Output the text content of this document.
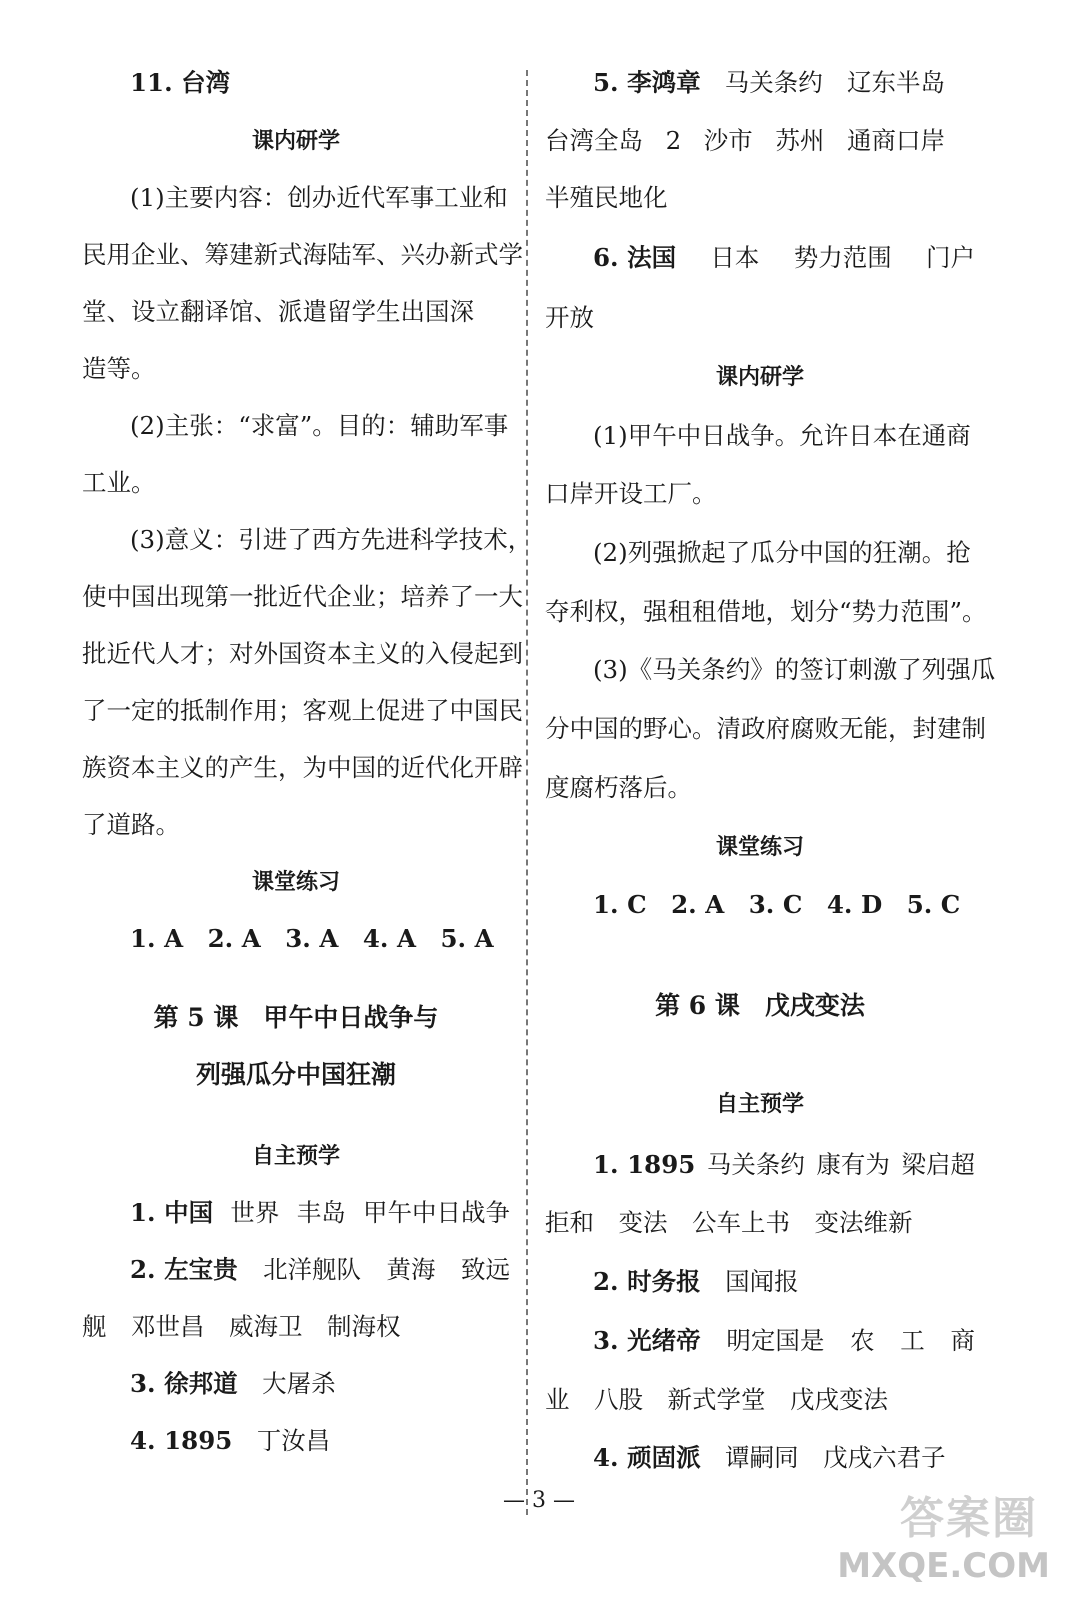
11. 台湾
课内研学
(1)主要内容：创办近代军事工业和
民用企业、筹建新式海陆军、兴办新式学
堂、设立翻译馆、派遣留学生出国深
造等。
(2)主张：“求富”。目的：辅助军事
工业。
(3)意义：引进了西方先进科学技术，
使中国出现第一批近代企业；培养了一大
批近代人才；对外国资本主义的入侵起到
了一定的抵制作用；客观上促进了中国民
族资本主义的产生，为中国的近代化开辟
了道路。
课堂练习
1. A　 2. A　 3. A　 4. A　 5. A
第 5 课　甲午中日战争与
列强瓜分中国狂潮
自主预学
1. 中国 世界 丰岛 甲午中日战争
2. 左宝贵 北洋舰队 黄海 致远
舰　 邓世昌　 威海卫　 制海权
3. 徐邦道　 大屠杀
4. 1895　 丁汝昌
5. 李鸿章 马关条约 辽东半岛
台湾全岛 2 沙市 苏州 通商口岸
半殖民地化
6. 法国 日本 势力范围 门户
开放
课内研学
(1)甲午中日战争。允许日本在通商
口岸开设工厂。
(2)列强掀起了瓜分中国的狂潮。抢
夺利权，强租租借地，划分“势力范围”。
(3)《马关条约》的签订刺激了列强瓜
分中国的野心。清政府腐败无能，封建制
度腐朽落后。
课堂练习
1. C　 2. A　 3. C　 4. D　 5. C
第 6 课　戊戌变法
自主预学
1. 1895 马关条约 康有为 梁启超
拒和　 变法　 公车上书　 变法维新
2. 时务报　 国闻报
3. 光绪帝 明定国是 农 工 商
业　 八股　 新式学堂　 戊戌变法
4. 顽固派　 谭嗣同　 戊戌六君子
— 3 —	答案圈
MXQE.COM
